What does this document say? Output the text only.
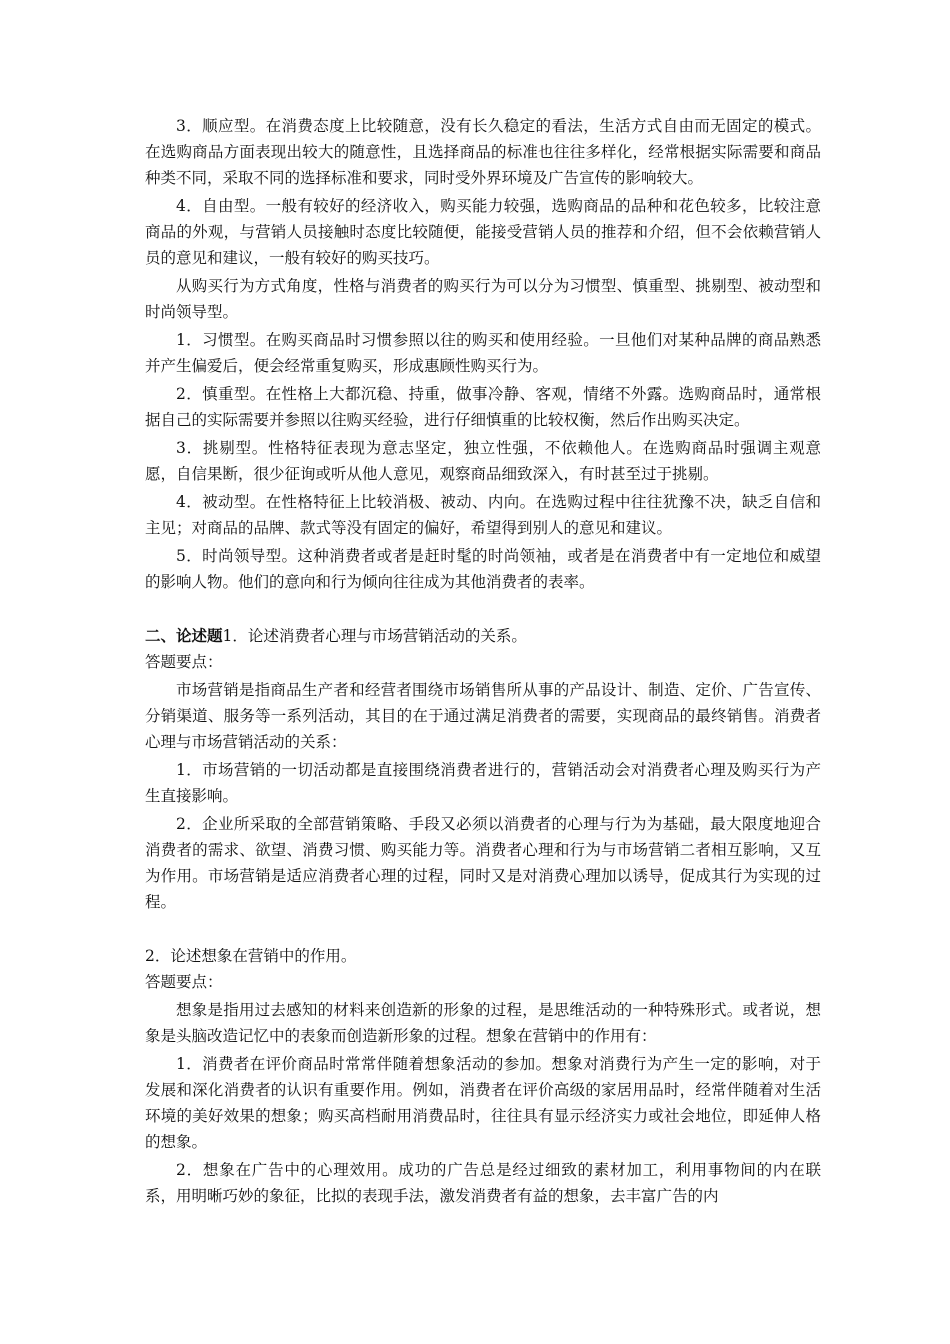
3．顺应型。在消费态度上比较随意，没有长久稳定的看法，生活方式自由而无固定的模式。在选购商品方面表现出较大的随意性，且选择商品的标准也往往多样化，经常根据实际需要和商品种类不同，采取不同的选择标准和要求，同时受外界环境及广告宣传的影响较大。

4．自由型。一般有较好的经济收入，购买能力较强，选购商品的品种和花色较多，比较注意商品的外观，与营销人员接触时态度比较随便，能接受营销人员的推荐和介绍，但不会依赖营销人员的意见和建议，一般有较好的购买技巧。

从购买行为方式角度，性格与消费者的购买行为可以分为习惯型、慎重型、挑剔型、被动型和时尚领导型。

1．习惯型。在购买商品时习惯参照以往的购买和使用经验。一旦他们对某种品牌的商品熟悉并产生偏爱后，便会经常重复购买，形成惠顾性购买行为。

2．慎重型。在性格上大都沉稳、持重，做事冷静、客观，情绪不外露。选购商品时，通常根据自己的实际需要并参照以往购买经验，进行仔细慎重的比较权衡，然后作出购买决定。

3．挑剔型。性格特征表现为意志坚定，独立性强，不依赖他人。在选购商品时强调主观意愿，自信果断，很少征询或听从他人意见，观察商品细致深入，有时甚至过于挑剔。

4．被动型。在性格特征上比较消极、被动、内向。在选购过程中往往犹豫不决，缺乏自信和主见；对商品的品牌、款式等没有固定的偏好，希望得到别人的意见和建议。

5．时尚领导型。这种消费者或者是赶时髦的时尚领袖，或者是在消费者中有一定地位和威望的影响人物。他们的意向和行为倾向往往成为其他消费者的表率。

二、论述题1．论述消费者心理与市场营销活动的关系。

答题要点：

市场营销是指商品生产者和经营者围绕市场销售所从事的产品设计、制造、定价、广告宣传、分销渠道、服务等一系列活动，其目的在于通过满足消费者的需要，实现商品的最终销售。消费者心理与市场营销活动的关系：

1．市场营销的一切活动都是直接围绕消费者进行的，营销活动会对消费者心理及购买行为产生直接影响。

2．企业所采取的全部营销策略、手段又必须以消费者的心理与行为为基础，最大限度地迎合消费者的需求、欲望、消费习惯、购买能力等。消费者心理和行为与市场营销二者相互影响，又互为作用。市场营销是适应消费者心理的过程，同时又是对消费心理加以诱导，促成其行为实现的过程。

2．论述想象在营销中的作用。

答题要点：

想象是指用过去感知的材料来创造新的形象的过程，是思维活动的一种特殊形式。或者说，想象是头脑改造记忆中的表象而创造新形象的过程。想象在营销中的作用有：

1．消费者在评价商品时常常伴随着想象活动的参加。想象对消费行为产生一定的影响，对于发展和深化消费者的认识有重要作用。例如，消费者在评价高级的家居用品时，经常伴随着对生活环境的美好效果的想象；购买高档耐用消费品时，往往具有显示经济实力或社会地位，即延伸人格的想象。

2．想象在广告中的心理效用。成功的广告总是经过细致的素材加工，利用事物间的内在联系，用明晰巧妙的象征，比拟的表现手法，激发消费者有益的想象，去丰富广告的内
